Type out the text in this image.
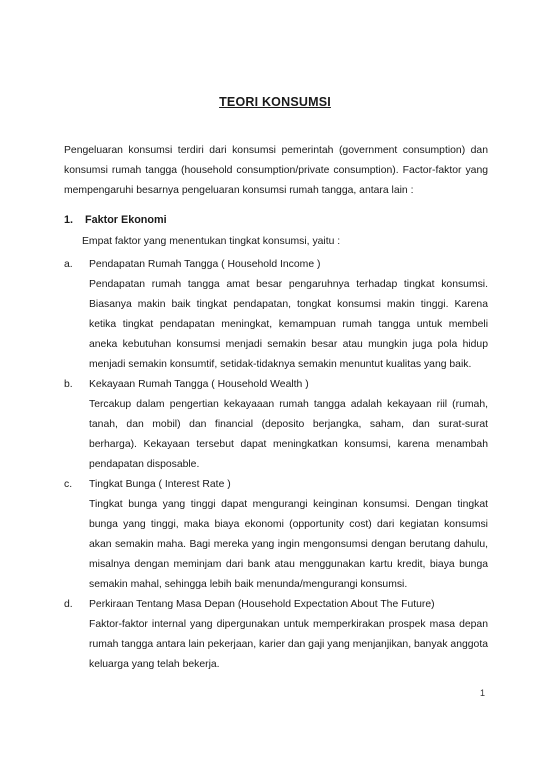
TEORI KONSUMSI

Pengeluaran konsumsi terdiri dari konsumsi pemerintah (government consumption) dan konsumsi rumah tangga (household consumption/private consumption). Factor-faktor yang mempengaruhi besarnya pengeluaran konsumsi rumah tangga, antara lain :

1. Faktor Ekonomi

Empat faktor yang menentukan tingkat konsumsi, yaitu :

a. Pendapatan Rumah Tangga ( Household Income )

Pendapatan rumah tangga amat besar pengaruhnya terhadap tingkat konsumsi. Biasanya makin baik tingkat pendapatan, tongkat konsumsi makin tinggi. Karena ketika tingkat pendapatan meningkat, kemampuan rumah tangga untuk membeli aneka kebutuhan konsumsi menjadi semakin besar atau mungkin juga pola hidup menjadi semakin konsumtif, setidak-tidaknya semakin menuntut kualitas yang baik.

b. Kekayaan Rumah Tangga ( Household Wealth )

Tercakup dalam pengertian kekayaaan rumah tangga adalah kekayaan riil (rumah, tanah, dan mobil) dan financial (deposito berjangka, saham, dan surat-surat berharga). Kekayaan tersebut dapat meningkatkan konsumsi, karena menambah pendapatan disposable.

c. Tingkat Bunga ( Interest Rate )

Tingkat bunga yang tinggi dapat mengurangi keinginan konsumsi. Dengan tingkat bunga yang tinggi, maka biaya ekonomi (opportunity cost) dari kegiatan konsumsi akan semakin maha. Bagi mereka yang ingin mengonsumsi dengan berutang dahulu, misalnya dengan meminjam dari bank atau menggunakan kartu kredit, biaya bunga semakin mahal, sehingga lebih baik menunda/mengurangi konsumsi.

d. Perkiraan Tentang Masa Depan (Household Expectation About The Future)

Faktor-faktor internal yang dipergunakan untuk memperkirakan prospek masa depan rumah tangga antara lain pekerjaan, karier dan gaji yang menjanjikan, banyak anggota keluarga yang telah bekerja.

1
